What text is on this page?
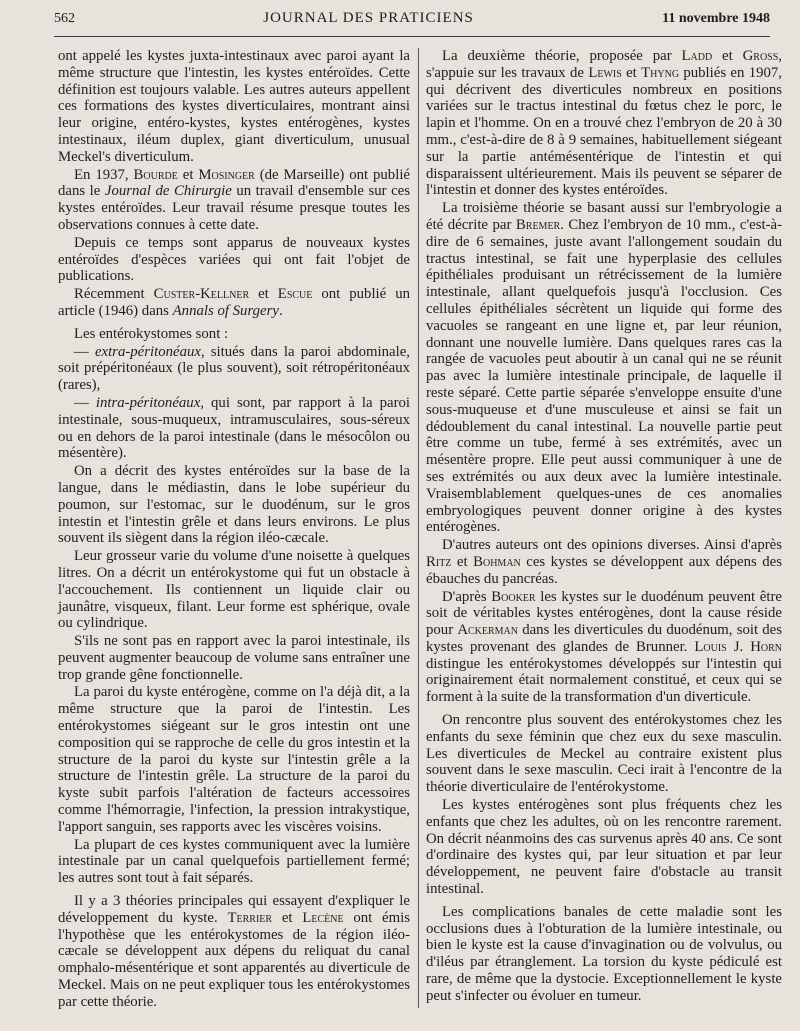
562	JOURNAL DES PRATICIENS	11 novembre 1948

ont appelé les kystes juxta-intestinaux avec paroi ayant la même structure que l'intestin, les kystes entéroïdes. Cette définition est toujours valable. Les autres auteurs appellent ces formations des kystes diverticulaires, montrant ainsi leur origine, entéro-kystes, kystes entérogènes, kystes intestinaux, iléum duplex, giant diverticulum, unusual Meckel's diverticulum.

En 1937, Bourde et Mosinger (de Marseille) ont publié dans le Journal de Chirurgie un travail d'ensemble sur ces kystes entéroïdes. Leur travail résume presque toutes les observations connues à cette date.

Depuis ce temps sont apparus de nouveaux kystes entéroïdes d'espèces variées qui ont fait l'objet de publications.

Récemment Custer-Kellner et Escue ont publié un article (1946) dans Annals of Surgery.

Les entérokystomes sont :

— extra-péritonéaux, situés dans la paroi abdominale, soit prépéritonéaux (le plus souvent), soit rétropéritonéaux (rares),

— intra-péritonéaux, qui sont, par rapport à la paroi intestinale, sous-muqueux, intramusculaires, sous-séreux ou en dehors de la paroi intestinale (dans le mésocôlon ou mésentère).

On a décrit des kystes entéroïdes sur la base de la langue, dans le médiastin, dans le lobe supérieur du poumon, sur l'estomac, sur le duodénum, sur le gros intestin et l'intestin grêle et dans leurs environs. Le plus souvent ils siègent dans la région iléo-cæcale.

Leur grosseur varie du volume d'une noisette à quelques litres. On a décrit un entérokystome qui fut un obstacle à l'accouchement. Ils contiennent un liquide clair ou jaunâtre, visqueux, filant. Leur forme est sphérique, ovale ou cylindrique.

S'ils ne sont pas en rapport avec la paroi intestinale, ils peuvent augmenter beaucoup de volume sans entraîner une trop grande gêne fonctionnelle.

La paroi du kyste entérogène, comme on l'a déjà dit, a la même structure que la paroi de l'intestin. Les entérokystomes siégeant sur le gros intestin ont une composition qui se rapproche de celle du gros intestin et la structure de la paroi du kyste sur l'intestin grêle a la structure de l'intestin grêle. La structure de la paroi du kyste subit parfois l'altération de facteurs accessoires comme l'hémorragie, l'infection, la pression intrakystique, l'apport sanguin, ses rapports avec les viscères voisins.

La plupart de ces kystes communiquent avec la lumière intestinale par un canal quelquefois partiellement fermé; les autres sont tout à fait séparés.

Il y a 3 théories principales qui essayent d'expliquer le développement du kyste. Terrier et Lecène ont émis l'hypothèse que les entérokystomes de la région iléo-cæcale se développent aux dépens du reliquat du canal omphalo-mésentérique et sont apparentés au diverticule de Meckel. Mais on ne peut expliquer tous les entérokystomes par cette théorie.

La deuxième théorie, proposée par Ladd et Gross, s'appuie sur les travaux de Lewis et Thyng publiés en 1907, qui décrivent des diverticules nombreux en positions variées sur le tractus intestinal du fœtus chez le porc, le lapin et l'homme. On en a trouvé chez l'embryon de 20 à 30 mm., c'est-à-dire de 8 à 9 semaines, habituellement siégeant sur la partie antémésentérique de l'intestin et qui disparaissent ultérieurement. Mais ils peuvent se séparer de l'intestin et donner des kystes entéroïdes.

La troisième théorie se basant aussi sur l'embryologie a été décrite par Bremer. Chez l'embryon de 10 mm., c'est-à-dire de 6 semaines, juste avant l'allongement soudain du tractus intestinal, se fait une hyperplasie des cellules épithéliales produisant un rétrécissement de la lumière intestinale, allant quelquefois jusqu'à l'occlusion. Ces cellules épithéliales sécrètent un liquide qui forme des vacuoles se rangeant en une ligne et, par leur réunion, donnant une nouvelle lumière. Dans quelques rares cas la rangée de vacuoles peut aboutir à un canal qui ne se réunit pas avec la lumière intestinale principale, de laquelle il reste séparé. Cette partie séparée s'enveloppe ensuite d'une sous-muqueuse et d'une musculeuse et ainsi se fait un dédoublement du canal intestinal. La nouvelle partie peut être comme un tube, fermé à ses extrémités, avec un mésentère propre. Elle peut aussi communiquer à une de ses extrémités ou aux deux avec la lumière intestinale. Vraisemblablement quelques-unes de ces anomalies embryologiques peuvent donner origine à des kystes entérogènes.

D'autres auteurs ont des opinions diverses. Ainsi d'après Ritz et Bohman ces kystes se développent aux dépens des ébauches du pancréas.

D'après Booker les kystes sur le duodénum peuvent être soit de véritables kystes entérogènes, dont la cause réside pour Ackerman dans les diverticules du duodénum, soit des kystes provenant des glandes de Brunner. Louis J. Horn distingue les entérokystomes développés sur l'intestin qui originairement était normalement constitué, et ceux qui se forment à la suite de la transformation d'un diverticule.

On rencontre plus souvent des entérokystomes chez les enfants du sexe féminin que chez eux du sexe masculin. Les diverticules de Meckel au contraire existent plus souvent dans le sexe masculin. Ceci irait à l'encontre de la théorie diverticulaire de l'entérokystome.

Les kystes entérogènes sont plus fréquents chez les enfants que chez les adultes, où on les rencontre rarement. On décrit néanmoins des cas survenus après 40 ans. Ce sont d'ordinaire des kystes qui, par leur situation et par leur développement, ne peuvent faire d'obstacle au transit intestinal.

Les complications banales de cette maladie sont les occlusions dues à l'obturation de la lumière intestinale, ou bien le kyste est la cause d'invagination ou de volvulus, ou d'iléus par étranglement. La torsion du kyste pédiculé est rare, de même que la dystocie. Exceptionnellement le kyste peut s'infecter ou évoluer en tumeur.
